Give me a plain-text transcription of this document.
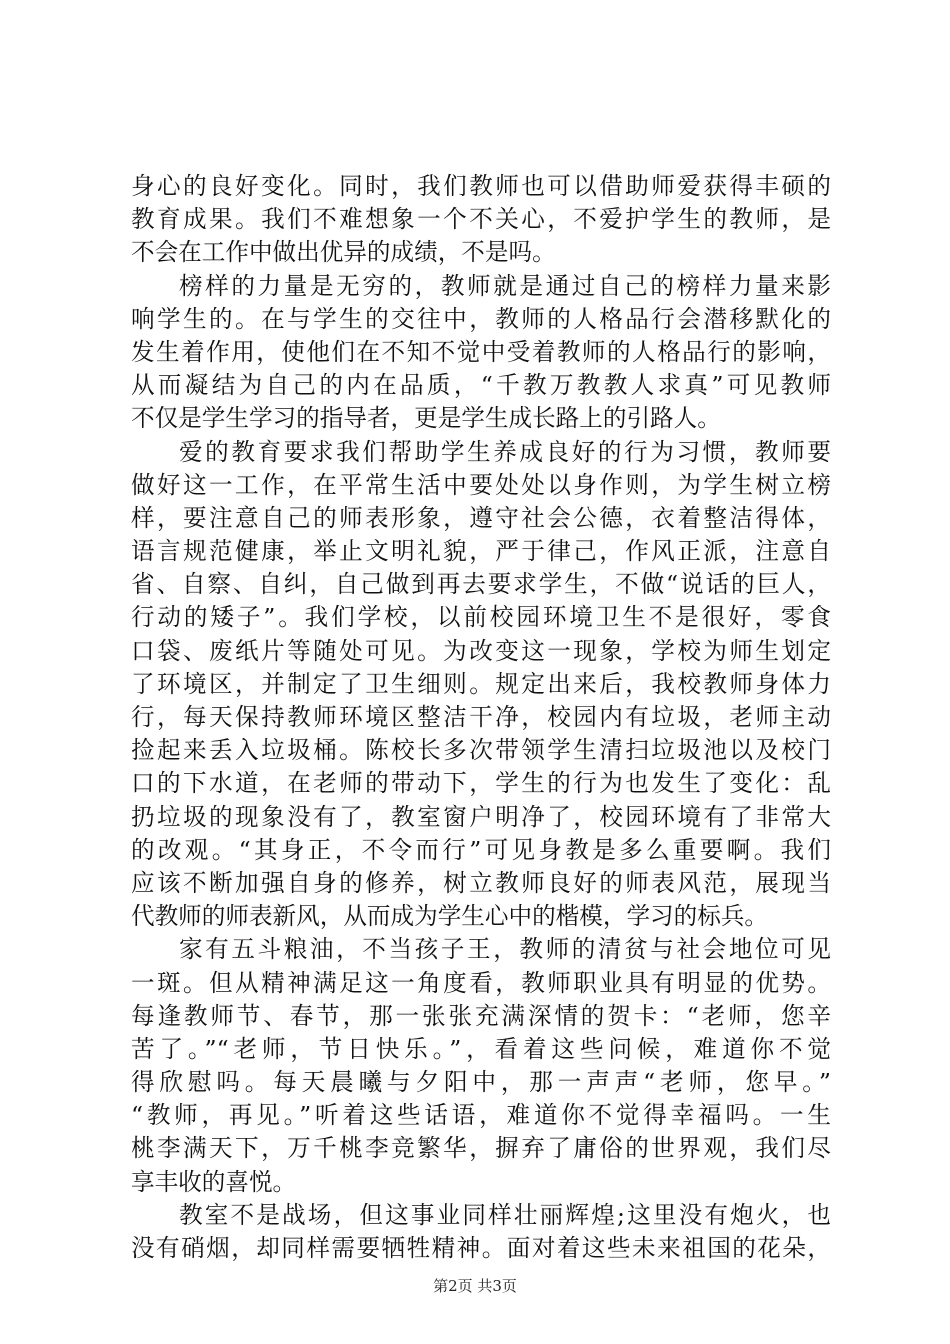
身心的良好变化。同时，我们教师也可以借助师爱获得丰硕的
教育成果。我们不难想象一个不关心，不爱护学生的教师，是
不会在工作中做出优异的成绩，不是吗。
榜样的力量是无穷的，教师就是通过自己的榜样力量来影
响学生的。在与学生的交往中，教师的人格品行会潜移默化的
发生着作用，使他们在不知不觉中受着教师的人格品行的影响，
从而凝结为自己的内在品质，“千教万教教人求真”可见教师
不仅是学生学习的指导者，更是学生成长路上的引路人。
爱的教育要求我们帮助学生养成良好的行为习惯，教师要
做好这一工作，在平常生活中要处处以身作则，为学生树立榜
样，要注意自己的师表形象，遵守社会公德，衣着整洁得体，
语言规范健康，举止文明礼貌，严于律己，作风正派，注意自
省、自察、自纠，自己做到再去要求学生，不做“说话的巨人，
行动的矮子”。我们学校，以前校园环境卫生不是很好，零食
口袋、废纸片等随处可见。为改变这一现象，学校为师生划定
了环境区，并制定了卫生细则。规定出来后，我校教师身体力
行，每天保持教师环境区整洁干净，校园内有垃圾，老师主动
捡起来丢入垃圾桶。陈校长多次带领学生清扫垃圾池以及校门
口的下水道，在老师的带动下，学生的行为也发生了变化：乱
扔垃圾的现象没有了，教室窗户明净了，校园环境有了非常大
的改观。“其身正，不令而行”可见身教是多么重要啊。我们
应该不断加强自身的修养，树立教师良好的师表风范，展现当
代教师的师表新风，从而成为学生心中的楷模，学习的标兵。
家有五斗粮油，不当孩子王，教师的清贫与社会地位可见
一斑。但从精神满足这一角度看，教师职业具有明显的优势。
每逢教师节、春节，那一张张充满深情的贺卡：“老师，您辛
苦了。”“老师，节日快乐。”，看着这些问候，难道你不觉
得欣慰吗。每天晨曦与夕阳中，那一声声“老师，您早。”
“教师，再见。”听着这些话语，难道你不觉得幸福吗。一生
桃李满天下，万千桃李竞繁华，摒弃了庸俗的世界观，我们尽
享丰收的喜悦。
教室不是战场，但这事业同样壮丽辉煌;这里没有炮火，也
没有硝烟，却同样需要牺牲精神。面对着这些未来祖国的花朵，
第2页 共3页
